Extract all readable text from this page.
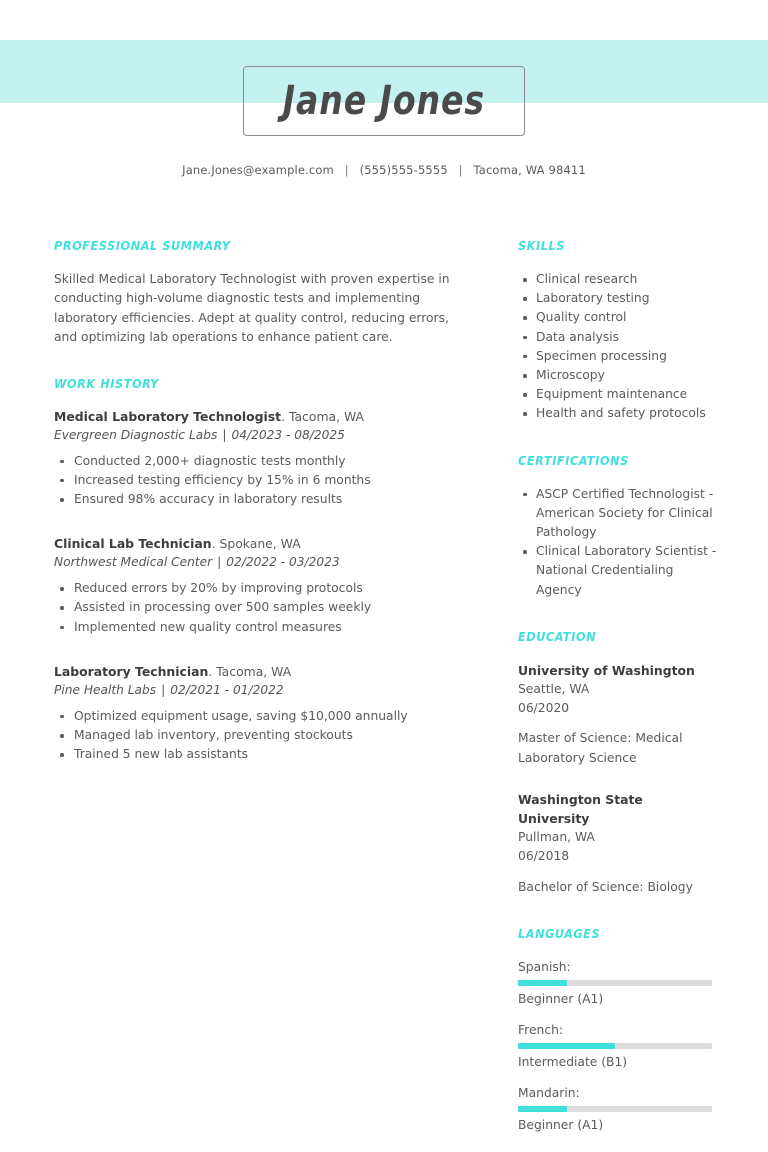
Jane Jones
Jane.Jones@example.com | (555)555-5555 | Tacoma, WA 98411
PROFESSIONAL SUMMARY

Skilled Medical Laboratory Technologist with proven expertise in conducting high-volume diagnostic tests and implementing laboratory efficiencies. Adept at quality control, reducing errors, and optimizing lab operations to enhance patient care.

WORK HISTORY
Medical Laboratory Technologist. Tacoma, WA
Evergreen Diagnostic Labs | 04/2023 - 08/2025
Conducted 2,000+ diagnostic tests monthly
Increased testing efficiency by 15% in 6 months
Ensured 98% accuracy in laboratory results
Clinical Lab Technician. Spokane, WA
Northwest Medical Center | 02/2022 - 03/2023
Reduced errors by 20% by improving protocols
Assisted in processing over 500 samples weekly
Implemented new quality control measures
Laboratory Technician. Tacoma, WA
Pine Health Labs | 02/2021 - 01/2022
Optimized equipment usage, saving $10,000 annually
Managed lab inventory, preventing stockouts
Trained 5 new lab assistants
SKILLS
Clinical research
Laboratory testing
Quality control
Data analysis
Specimen processing
Microscopy
Equipment maintenance
Health and safety protocols
CERTIFICATIONS
ASCP Certified Technologist - American Society for Clinical Pathology
Clinical Laboratory Scientist - National Credentialing Agency
EDUCATION
University of Washington
Seattle, WA
06/2020
Master of Science: Medical Laboratory Science
Washington State University
Pullman, WA
06/2018
Bachelor of Science: Biology
LANGUAGES
Spanish:
Beginner (A1)
French:
Intermediate (B1)
Mandarin:
Beginner (A1)
